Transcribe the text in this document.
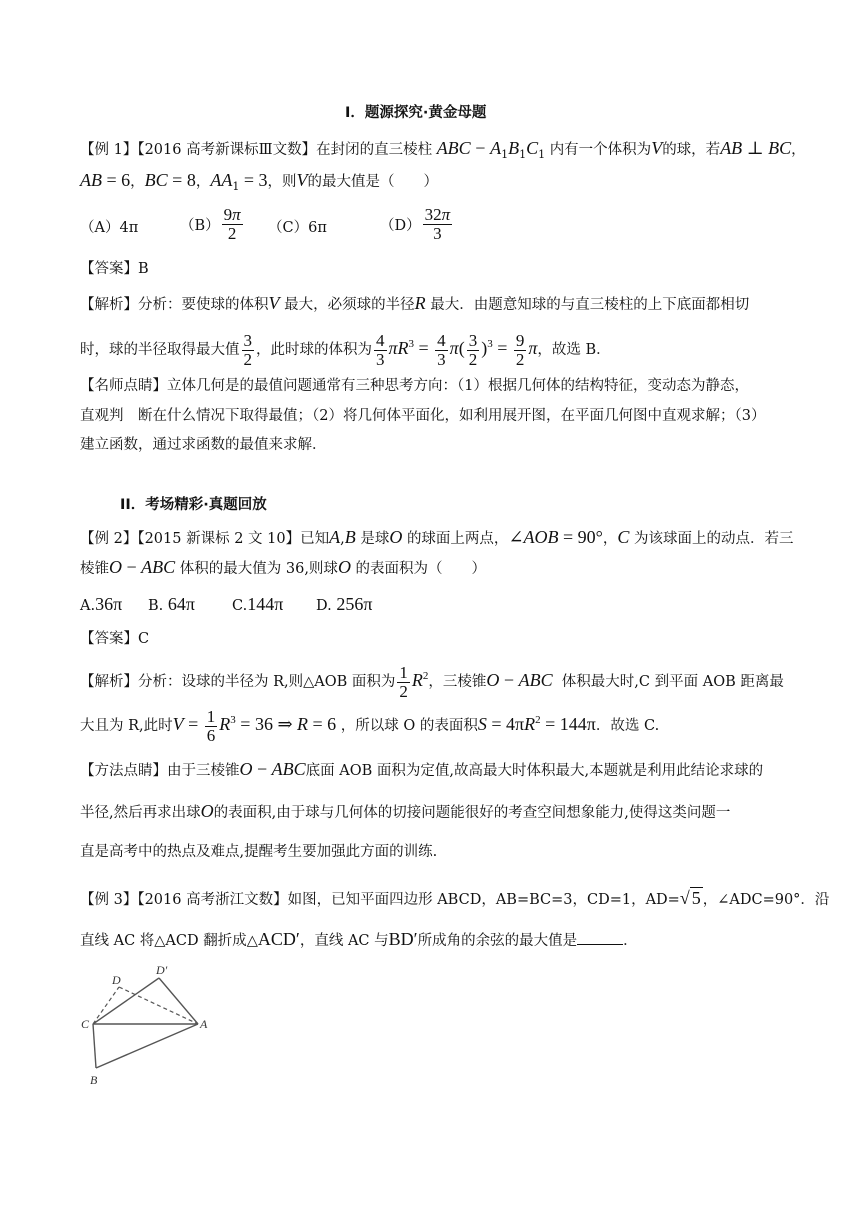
I．题源探究·黄金母题
【例 1】【2016 高考新课标Ⅲ文数】在封闭的直三棱柱 ABC − $A_1B_1C_1$ 内有一个体积为V的球，若AB ⊥ BC，
AB = 6，BC = 8，$AA_1 = 3$，则V的最大值是（　　）
（A）4π	$(B) \frac{9\pi}{2} (C)6\pi$	$(D) \frac{32\pi}{3}$
【答案】B
【解析】分析：要使球的体积V 最大，必须球的半径R 最大．由题意知球的与直三棱柱的上下底面都相切
时，球的半径取得最大值 $\frac{3}{2}$ ，此时球的体积为 $\frac{4}{3} \pi R^3 = \frac{4}{3} \pi( \frac{3}{2} )^3 = \frac{9}{2}$ π，故选 B．
【名师点睛】立体几何是的最值问题通常有三种思考方向：（1）根据几何体的结构特征，变动态为静态，
直观判　断在什么情况下取得最值；（2）将几何体平面化，如利用展开图，在平面几何图中直观求解；（3）
建立函数，通过求函数的最值来求解．
II．考场精彩·真题回放
【例 2】【2015 新课标 2 文 10】已知A,B 是球O 的球面上两点，∠AOB = 90°，C 为该球面上的动点．若三
棱锥O − ABC 体积的最大值为 36,则球O 的表面积为（　　）
A.36π B. 64π	C.144π D. 256π
【答案】C
【解析】分析：设球的半径为 R,则△AOB 面积为 $\frac{1}{2} R^2$，三棱锥O − ABC 体积最大时,C 到平面 AOB 距离最
大且为 R,此时$V = \frac{1}{6} R^3 = 36$ ⇒ R = 6 ，所以球 O 的表面积$S = 4\pi R^2 = 144\pi$．故选 C.
【方法点睛】由于三棱锥O − ABC底面 AOB 面积为定值,故高最大时体积最大,本题就是利用此结论求球的
半径,然后再求出球O的表面积,由于球与几何体的切接问题能很好的考查空间想象能力,使得这类问题一
直是高考中的热点及难点,提醒考生要加强此方面的训练.
【例 3】【2016 高考浙江文数】如图，已知平面四边形 ABCD，AB=BC=3，CD=1，AD=√ 5 ，∠ADC=90°．沿
直线 AC 将△ACD 翻折成△ACD′，直线 AC 与BD′所成角的余弦的最大值是	．
D
D′
C	A
B
